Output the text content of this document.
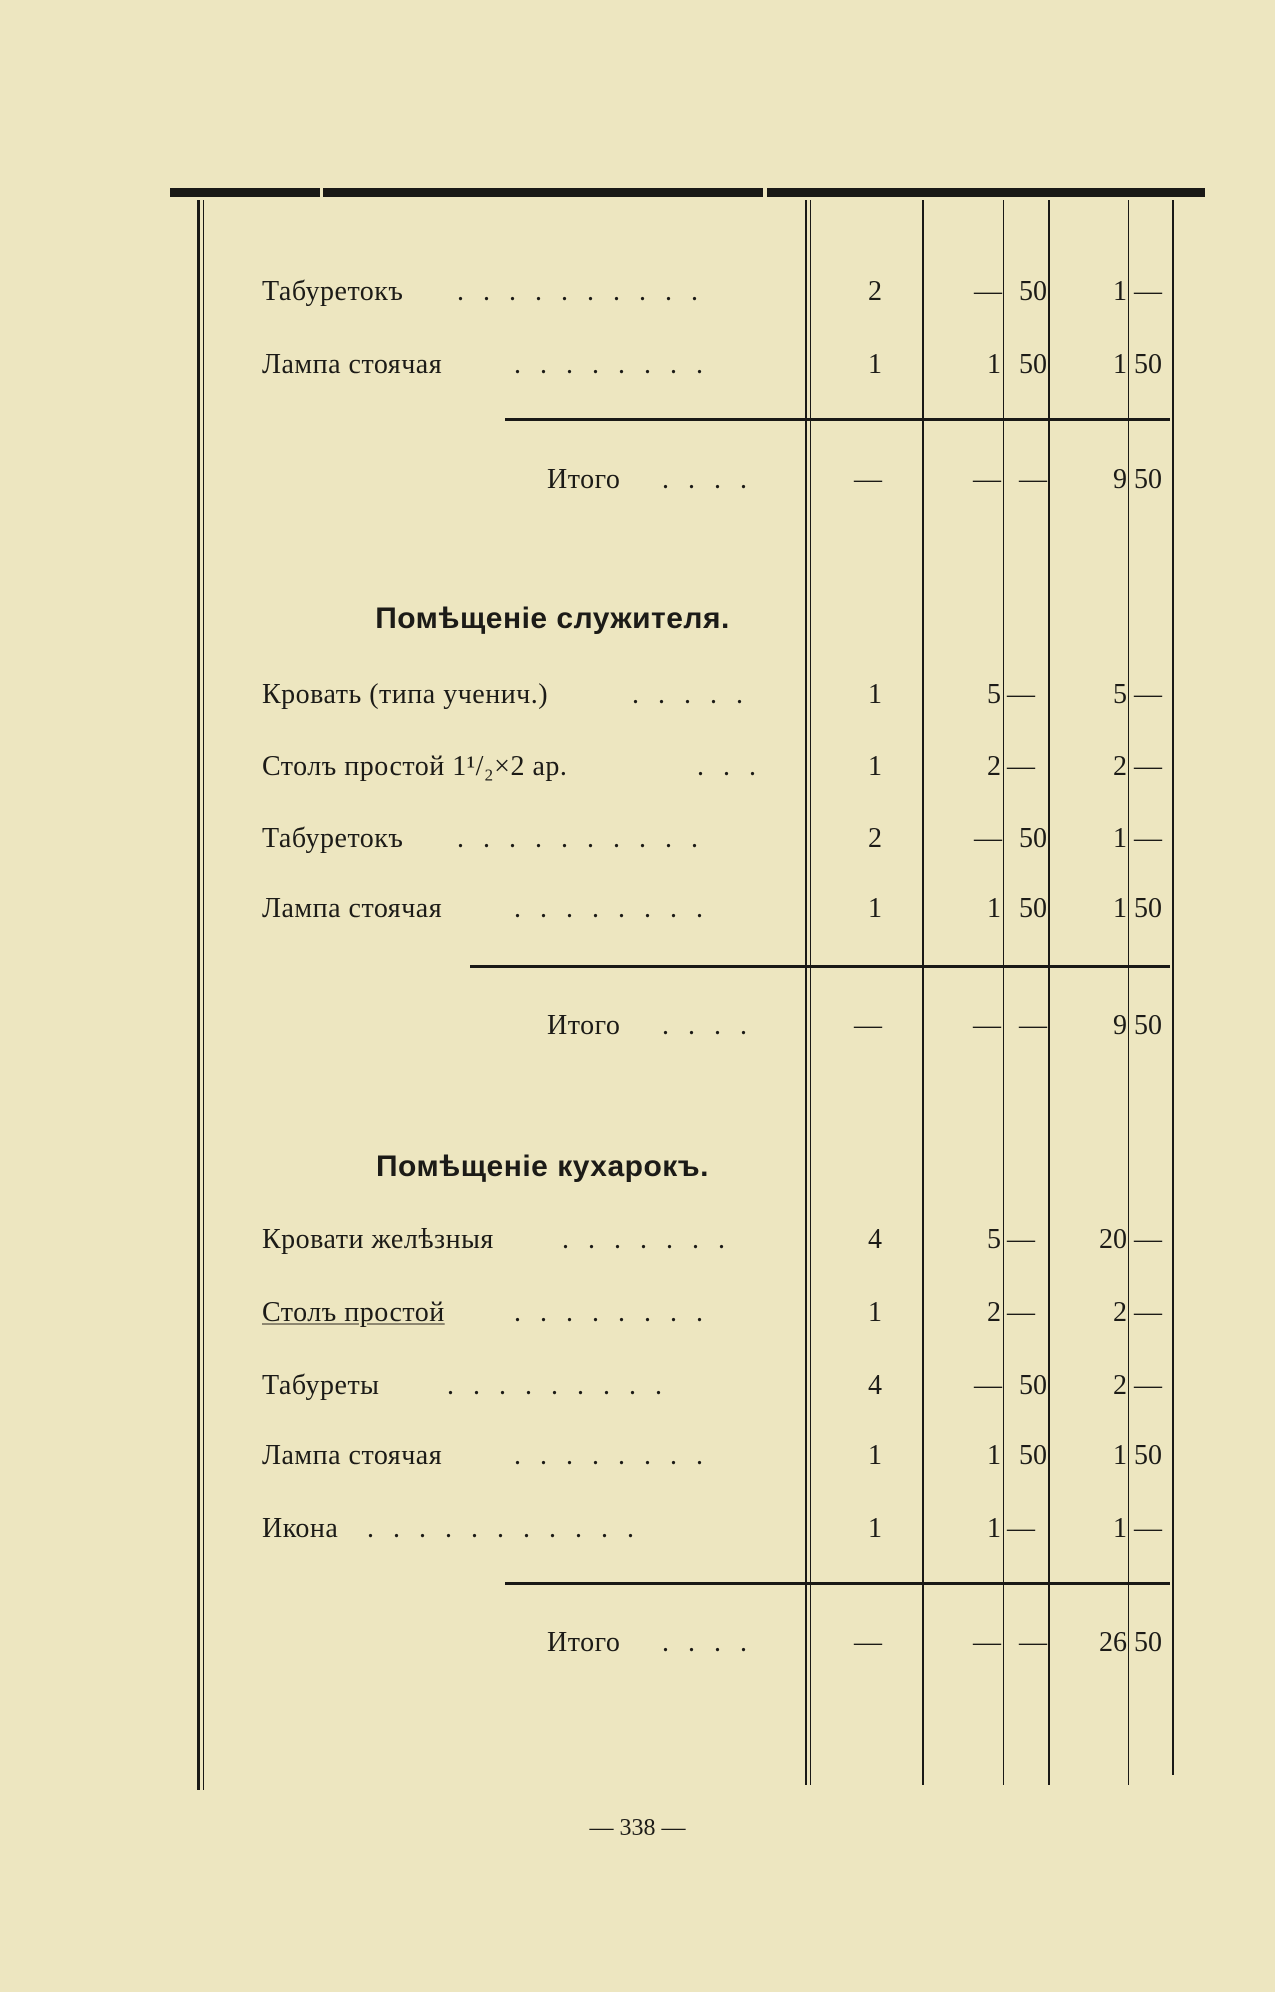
Табуретокъ . . . . . . . . . .	2	— 50	1 —
Лампа стоячая	. . . . . . . .	1	1 50	1 50
Итого . . . .	—	— —	9 50
Помѣщеніе служителя.
Кровать (типа ученич.)	. . . . .	1	5 —	5 —
Столъ простой 1¹/₂×2 ар.	. . .	1	2 —	2 —
Табуретокъ . . . . . . . . . .	2	— 50	1 —
Лампа стоячая	. . . . . . . .	1	1 50	1 50
Итого . . . .	—	— —	9 50
Помѣщеніе кухарокъ.
Кровати желѣзныя . . . . . . .	4	5 —	20 —
Столъ простой . . . . . . . .	1	2 —	2 —
Табуреты . . . . . . . . .	4	— 50	2 —
Лампа стоячая	. . . . . . . .	1	1 50	1 50
Икона . . . . . . . . . . .	1	1 —	1 —
Итого . . . .	—	— —	26 50
— 338 —
